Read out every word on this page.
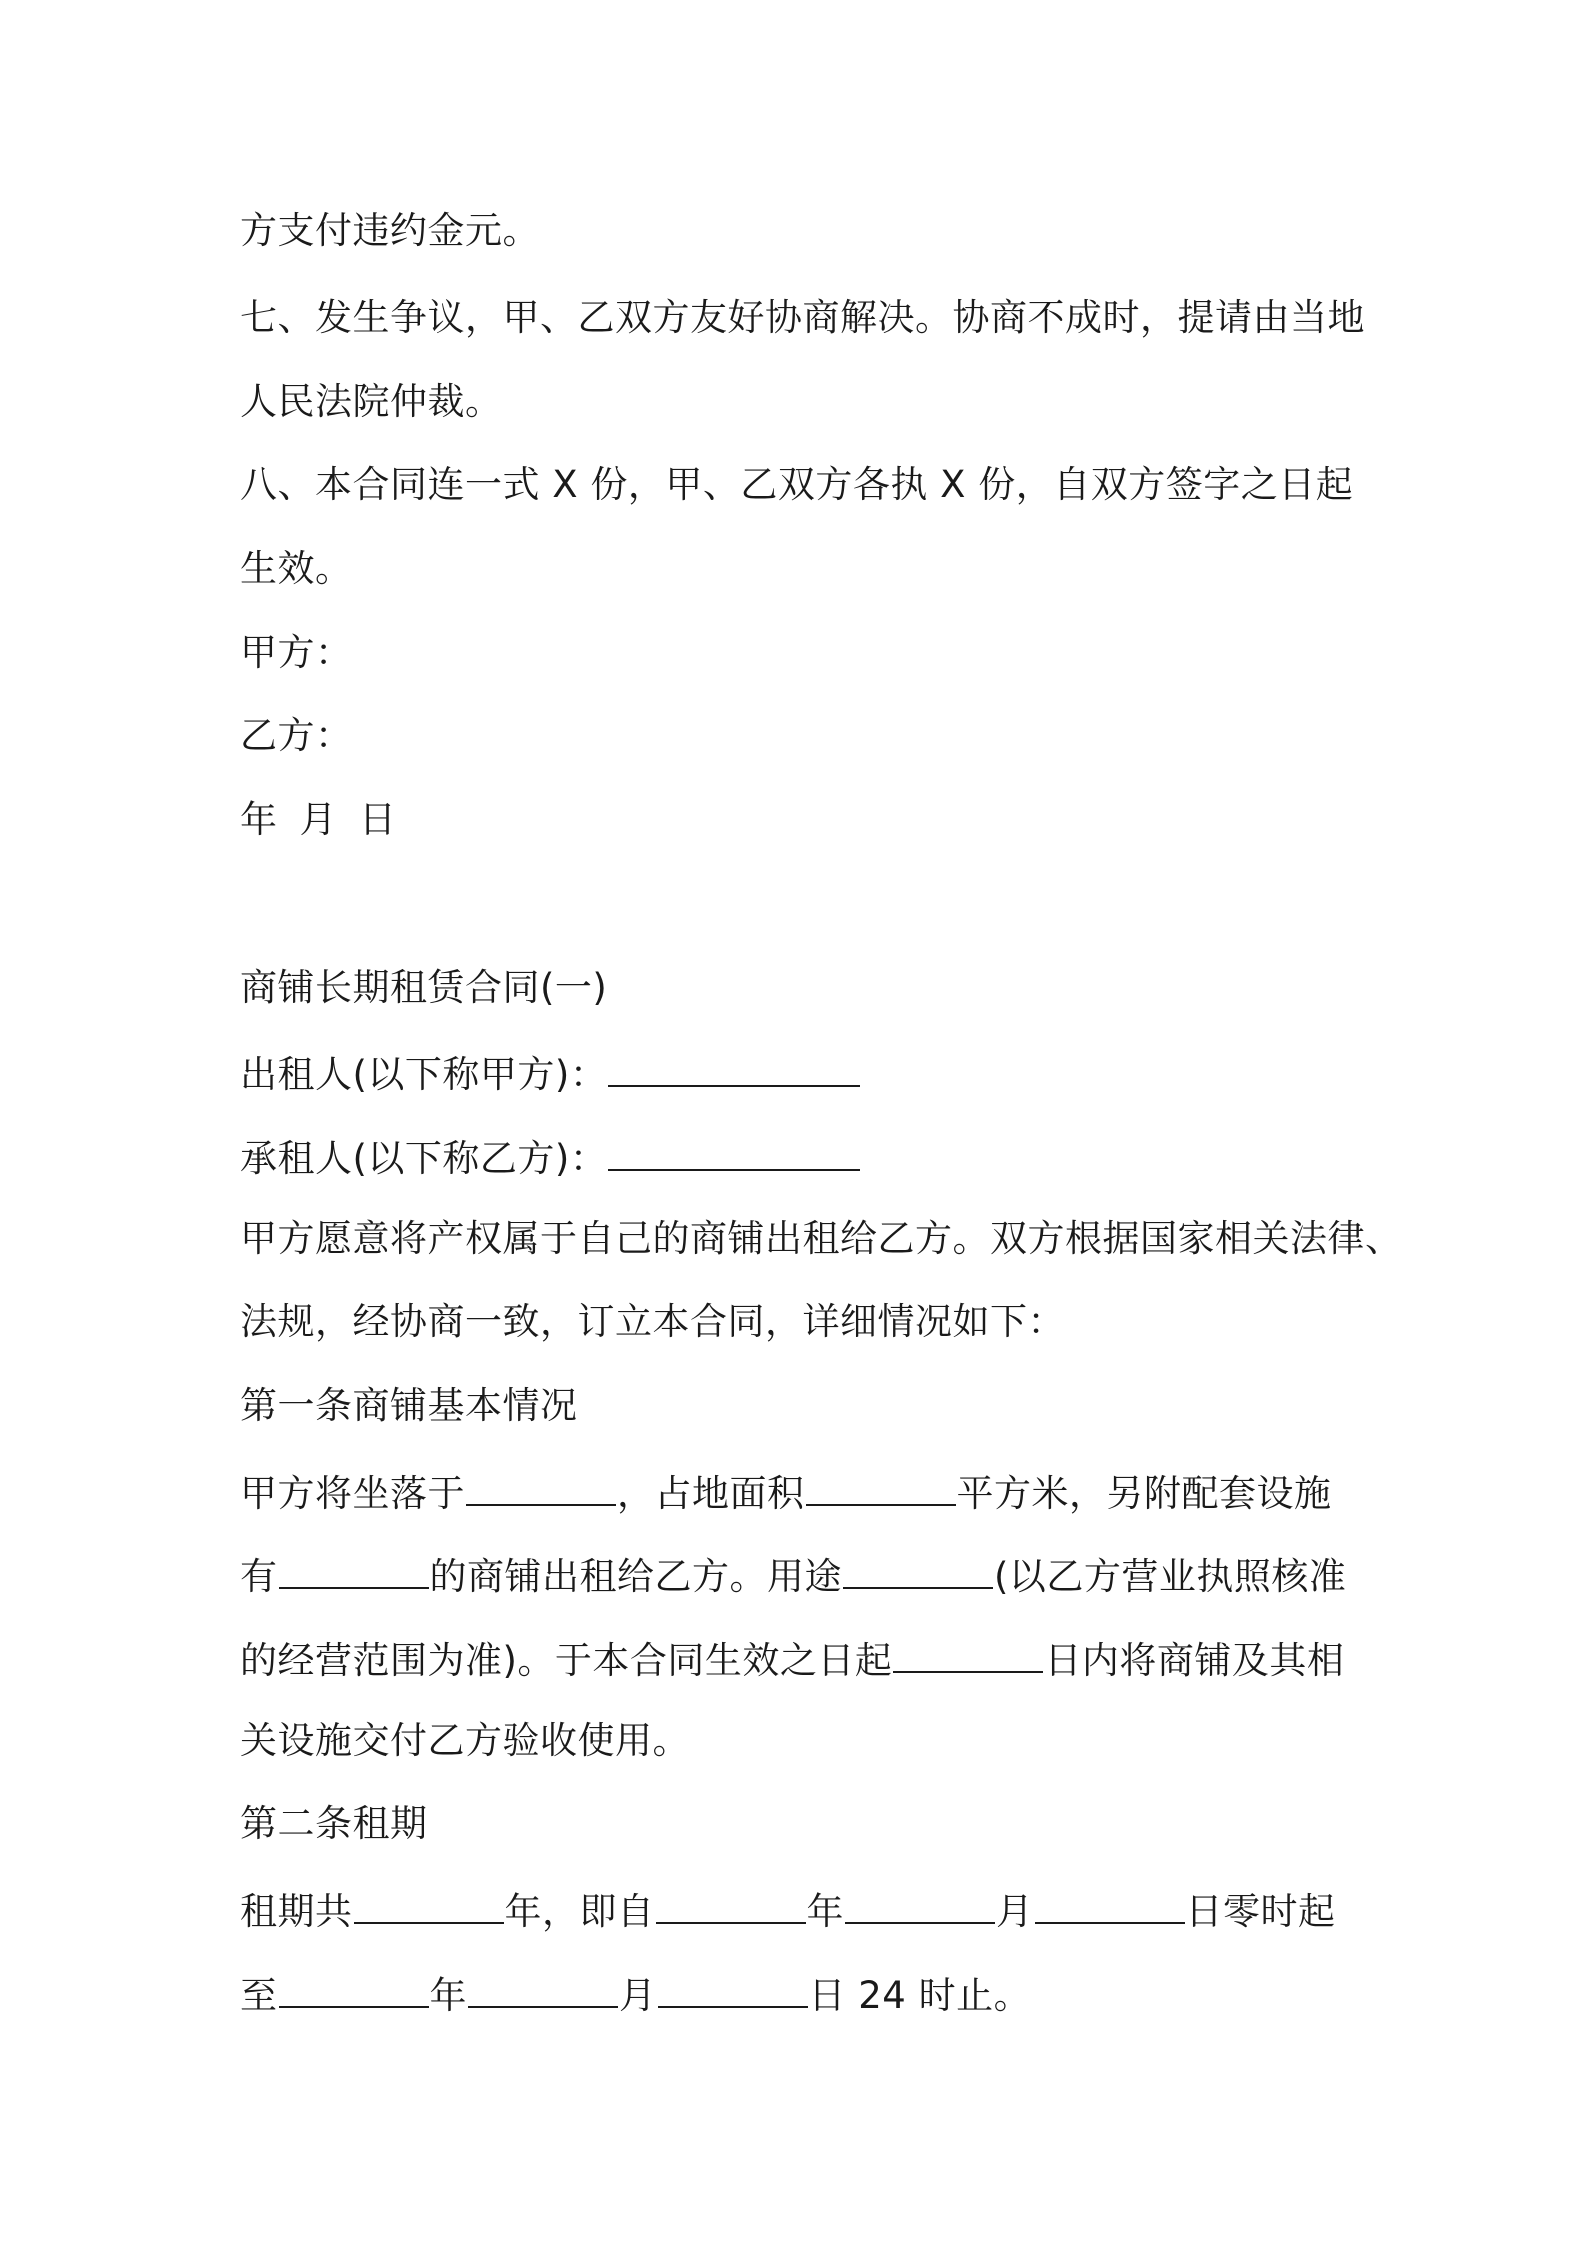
方支付违约金元。
七、发生争议，甲、乙双方友好协商解决。协商不成时，提请由当地
人民法院仲裁。
八、本合同连一式 X 份，甲、乙双方各执 X 份，自双方签字之日起
生效。
甲方：
乙方：
年 月 日
商铺长期租赁合同(一)
出租人(以下称甲方)：
承租人(以下称乙方)：
甲方愿意将产权属于自己的商铺出租给乙方。双方根据国家相关法律、
法规，经协商一致，订立本合同，详细情况如下：
第一条商铺基本情况
甲方将坐落于	，占地面积	平方米，另附配套设施
有	的商铺出租给乙方。用途	(以乙方营业执照核准
的经营范围为准)。于本合同生效之日起	日内将商铺及其相
关设施交付乙方验收使用。
第二条租期
租期共	年，即自	年	月	日零时起
至	年	月	日 24 时止。
